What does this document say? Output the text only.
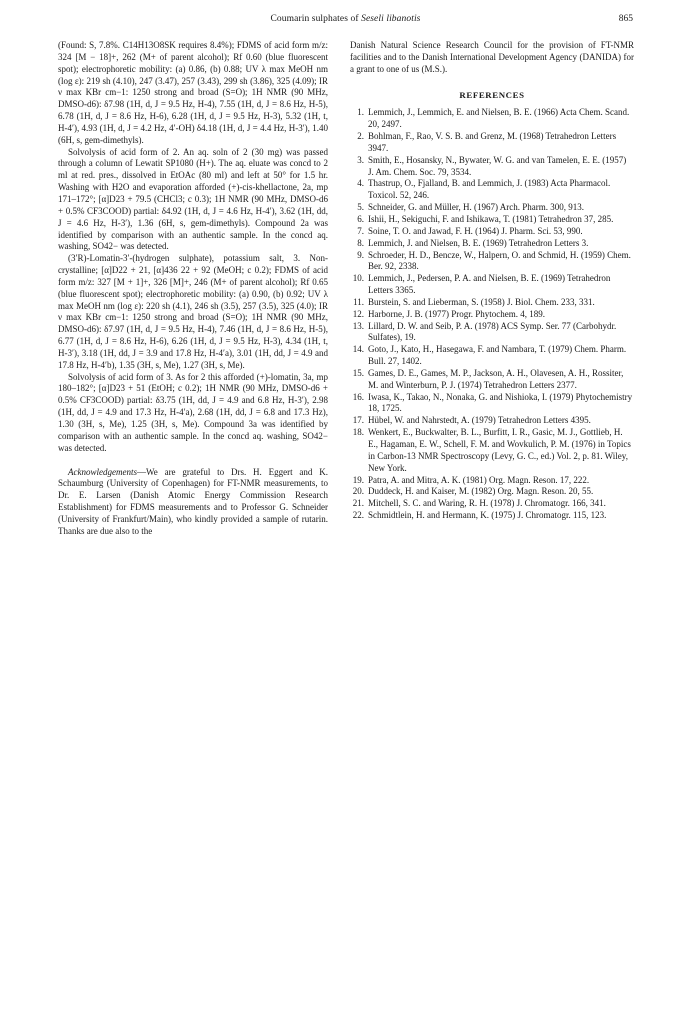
Coumarin sulphates of Seseli libanotis	865

(Found: S, 7.8%. C14H13O8SK requires 8.4%); FDMS of acid form m/z: 324 [M − 18]+, 262 (M+ of parent alcohol); Rf 0.60 (blue fluorescent spot); electrophoretic mobility: (a) 0.86, (b) 0.88; UV λ max MeOH nm (log ε): 219 sh (4.10), 247 (3.47), 257 (3.43), 299 sh (3.86), 325 (4.09); IR ν max KBr cm−1: 1250 strong and broad (S=O); 1H NMR (90 MHz, DMSO-d6): δ7.98 (1H, d, J = 9.5 Hz, H-4), 7.55 (1H, d, J = 8.6 Hz, H-5), 6.78 (1H, d, J = 8.6 Hz, H-6), 6.28 (1H, d, J = 9.5 Hz, H-3), 5.32 (1H, t, H-4′), 4.93 (1H, d, J = 4.2 Hz, 4′-OH) δ4.18 (1H, d, J = 4.4 Hz, H-3′), 1.40 (6H, s, gem-dimethyls).

Solvolysis of acid form of 2. An aq. soln of 2 (30 mg) was passed through a column of Lewatit SP1080 (H+). The aq. eluate was concd to 2 ml at red. pres., dissolved in EtOAc (80 ml) and left at 50° for 1.5 hr. Washing with H2O and evaporation afforded (+)-cis-khellactone, 2a, mp 171–172°; [α]D23 + 79.5 (CHCl3; c 0.3); 1H NMR (90 MHz, DMSO-d6 + 0.5% CF3COOD) partial: δ4.92 (1H, d, J = 4.6 Hz, H-4′), 3.62 (1H, dd, J = 4.6 Hz, H-3′), 1.36 (6H, s, gem-dimethyls). Compound 2a was identified by comparison with an authentic sample. In the concd aq. washing, SO42− was detected.

(3′R)-Lomatin-3′-(hydrogen sulphate), potassium salt, 3. Non-crystalline; [α]D22 + 21, [α]436 22 + 92 (MeOH; c 0.2); FDMS of acid form m/z: 327 [M + 1]+, 326 [M]+, 246 (M+ of parent alcohol); Rf 0.65 (blue fluorescent spot); electrophoretic mobility: (a) 0.90, (b) 0.92; UV λ max MeOH nm (log ε): 220 sh (4.1), 246 sh (3.5), 257 (3.5), 325 (4.0); IR ν max KBr cm−1: 1250 strong and broad (S=O); 1H NMR (90 MHz, DMSO-d6): δ7.97 (1H, d, J = 9.5 Hz, H-4), 7.46 (1H, d, J = 8.6 Hz, H-5), 6.77 (1H, d, J = 8.6 Hz, H-6), 6.26 (1H, d, J = 9.5 Hz, H-3), 4.34 (1H, t, H-3′), 3.18 (1H, dd, J = 3.9 and 17.8 Hz, H-4′a), 3.01 (1H, dd, J = 4.9 and 17.8 Hz, H-4′b), 1.35 (3H, s, Me), 1.27 (3H, s, Me).

Solvolysis of acid form of 3. As for 2 this afforded (+)-lomatin, 3a, mp 180–182°; [α]D23 + 51 (EtOH; c 0.2); 1H NMR (90 MHz, DMSO-d6 + 0.5% CF3COOD) partial: δ3.75 (1H, dd, J = 4.9 and 6.8 Hz, H-3′), 2.98 (1H, dd, J = 4.9 and 17.3 Hz, H-4′a), 2.68 (1H, dd, J = 6.8 and 17.3 Hz), 1.30 (3H, s, Me), 1.25 (3H, s, Me). Compound 3a was identified by comparison with an authentic sample. In the concd aq. washing, SO42− was detected.

Acknowledgements—We are grateful to Drs. H. Eggert and K. Schaumburg (University of Copenhagen) for FT-NMR measurements, to Dr. E. Larsen (Danish Atomic Energy Commission Research Establishment) for FDMS measurements and to Professor G. Schneider (University of Frankfurt/Main), who kindly provided a sample of rutarin. Thanks are due also to the

Danish Natural Science Research Council for the provision of FT-NMR facilities and to the Danish International Development Agency (DANIDA) for a grant to one of us (M.S.).

REFERENCES
1. Lemmich, J., Lemmich, E. and Nielsen, B. E. (1966) Acta Chem. Scand. 20, 2497.
2. Bohlman, F., Rao, V. S. B. and Grenz, M. (1968) Tetrahedron Letters 3947.
3. Smith, E., Hosansky, N., Bywater, W. G. and van Tamelen, E. E. (1957) J. Am. Chem. Soc. 79, 3534.
4. Thastrup, O., Fjalland, B. and Lemmich, J. (1983) Acta Pharmacol. Toxicol. 52, 246.
5. Schneider, G. and Müller, H. (1967) Arch. Pharm. 300, 913.
6. Ishii, H., Sekiguchi, F. and Ishikawa, T. (1981) Tetrahedron 37, 285.
7. Soine, T. O. and Jawad, F. H. (1964) J. Pharm. Sci. 53, 990.
8. Lemmich, J. and Nielsen, B. E. (1969) Tetrahedron Letters 3.
9. Schroeder, H. D., Bencze, W., Halpern, O. and Schmid, H. (1959) Chem. Ber. 92, 2338.
10. Lemmich, J., Pedersen, P. A. and Nielsen, B. E. (1969) Tetrahedron Letters 3365.
11. Burstein, S. and Lieberman, S. (1958) J. Biol. Chem. 233, 331.
12. Harborne, J. B. (1977) Progr. Phytochem. 4, 189.
13. Lillard, D. W. and Seib, P. A. (1978) ACS Symp. Ser. 77 (Carbohydr. Sulfates), 19.
14. Goto, J., Kato, H., Hasegawa, F. and Nambara, T. (1979) Chem. Pharm. Bull. 27, 1402.
15. Games, D. E., Games, M. P., Jackson, A. H., Olavesen, A. H., Rossiter, M. and Winterburn, P. J. (1974) Tetrahedron Letters 2377.
16. Iwasa, K., Takao, N., Nonaka, G. and Nishioka, I. (1979) Phytochemistry 18, 1725.
17. Hübel, W. and Nahrstedt, A. (1979) Tetrahedron Letters 4395.
18. Wenkert, E., Buckwalter, B. L., Burfitt, I. R., Gasic, M. J., Gottlieb, H. E., Hagaman, E. W., Schell, F. M. and Wovkulich, P. M. (1976) in Topics in Carbon-13 NMR Spectroscopy (Levy, G. C., ed.) Vol. 2, p. 81. Wiley, New York.
19. Patra, A. and Mitra, A. K. (1981) Org. Magn. Reson. 17, 222.
20. Duddeck, H. and Kaiser, M. (1982) Org. Magn. Reson. 20, 55.
21. Mitchell, S. C. and Waring, R. H. (1978) J. Chromatogr. 166, 341.
22. Schmidtlein, H. and Hermann, K. (1975) J. Chromatogr. 115, 123.
